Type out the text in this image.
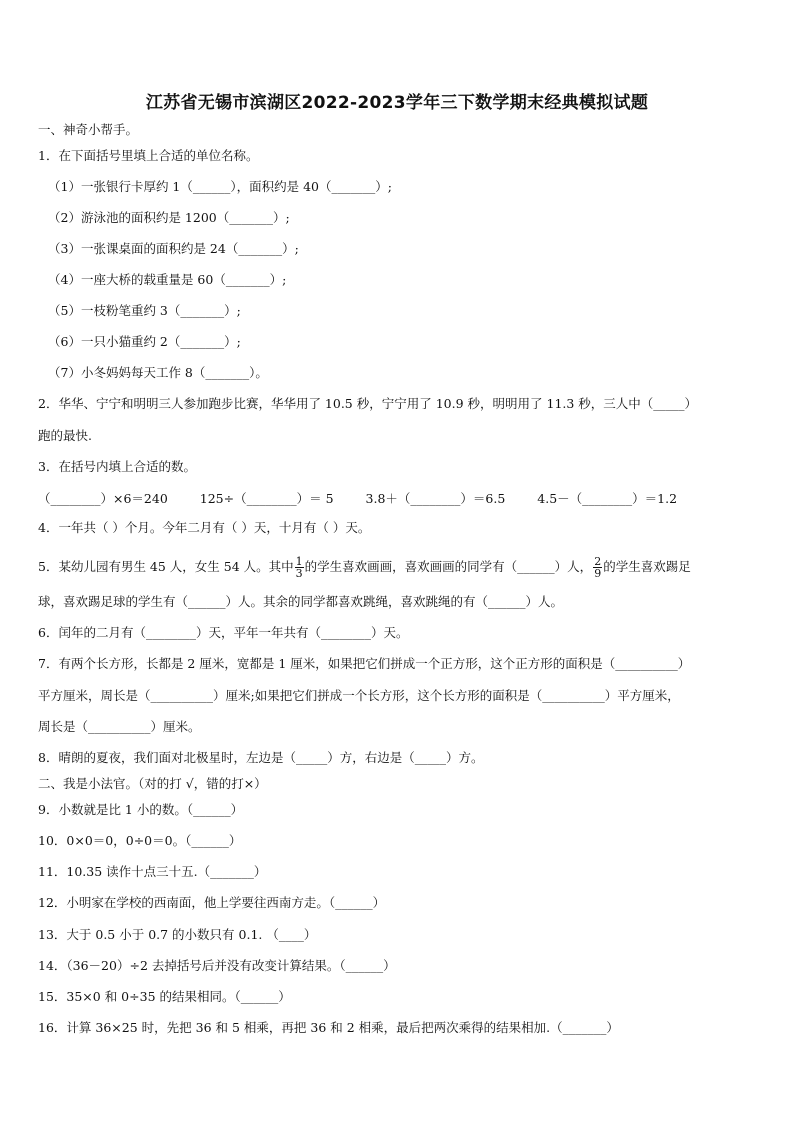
江苏省无锡市滨湖区2022-2023学年三下数学期末经典模拟试题
一、神奇小帮手。
1．在下面括号里填上合适的单位名称。
（1）一张银行卡厚约 1（______），面积约是 40（_______）;
（2）游泳池的面积约是 1200（_______）;
（3）一张课桌面的面积约是 24（_______）;
（4）一座大桥的载重量是 60（_______）;
（5）一枝粉笔重约 3（_______）;
（6）一只小猫重约 2（_______）;
（7）小冬妈妈每天工作 8（_______）。
2．华华、宁宁和明明三人参加跑步比赛，华华用了 10.5 秒，宁宁用了 10.9 秒，明明用了 11.3 秒，三人中（_____）
跑的最快.
3．在括号内填上合适的数。
（________）×6＝240	125÷（________）＝ 5	3.8＋（________）＝6.5	4.5－（________）＝1.2
4．一年共（ ）个月。今年二月有（ ）天，十月有（ ）天。
5．某幼儿园有男生 45 人，女生 54 人。其中 $\frac{1}{3}$ 的学生喜欢画画，喜欢画画的同学有（______）人， $\frac{2}{9}$ 的学生喜欢踢足
球，喜欢踢足球的学生有（______）人。其余的同学都喜欢跳绳，喜欢跳绳的有（______）人。
6．闰年的二月有（________）天，平年一年共有（________）天。
7．有两个长方形，长都是 2 厘米，宽都是 1 厘米，如果把它们拼成一个正方形，这个正方形的面积是（__________）
平方厘米，周长是（__________）厘米;如果把它们拼成一个长方形，这个长方形的面积是（__________）平方厘米，
周长是（__________）厘米。
8．晴朗的夏夜，我们面对北极星时，左边是（_____）方，右边是（_____）方。
二、我是小法官。（对的打 √，错的打×）
9．小数就是比 1 小的数。（______）
10．0×0＝0，0÷0＝0。（______）
11．10.35 读作十点三十五.（_______）
12．小明家在学校的西南面，他上学要往西南方走。（______）
13．大于 0.5 小于 0.7 的小数只有 0.1. （____）
14．（36－20）÷2 去掉括号后并没有改变计算结果。（______）
15．35×0 和 0÷35 的结果相同。（______）
16．计算 36×25 时，先把 36 和 5 相乘，再把 36 和 2 相乘，最后把两次乘得的结果相加.（_______）
